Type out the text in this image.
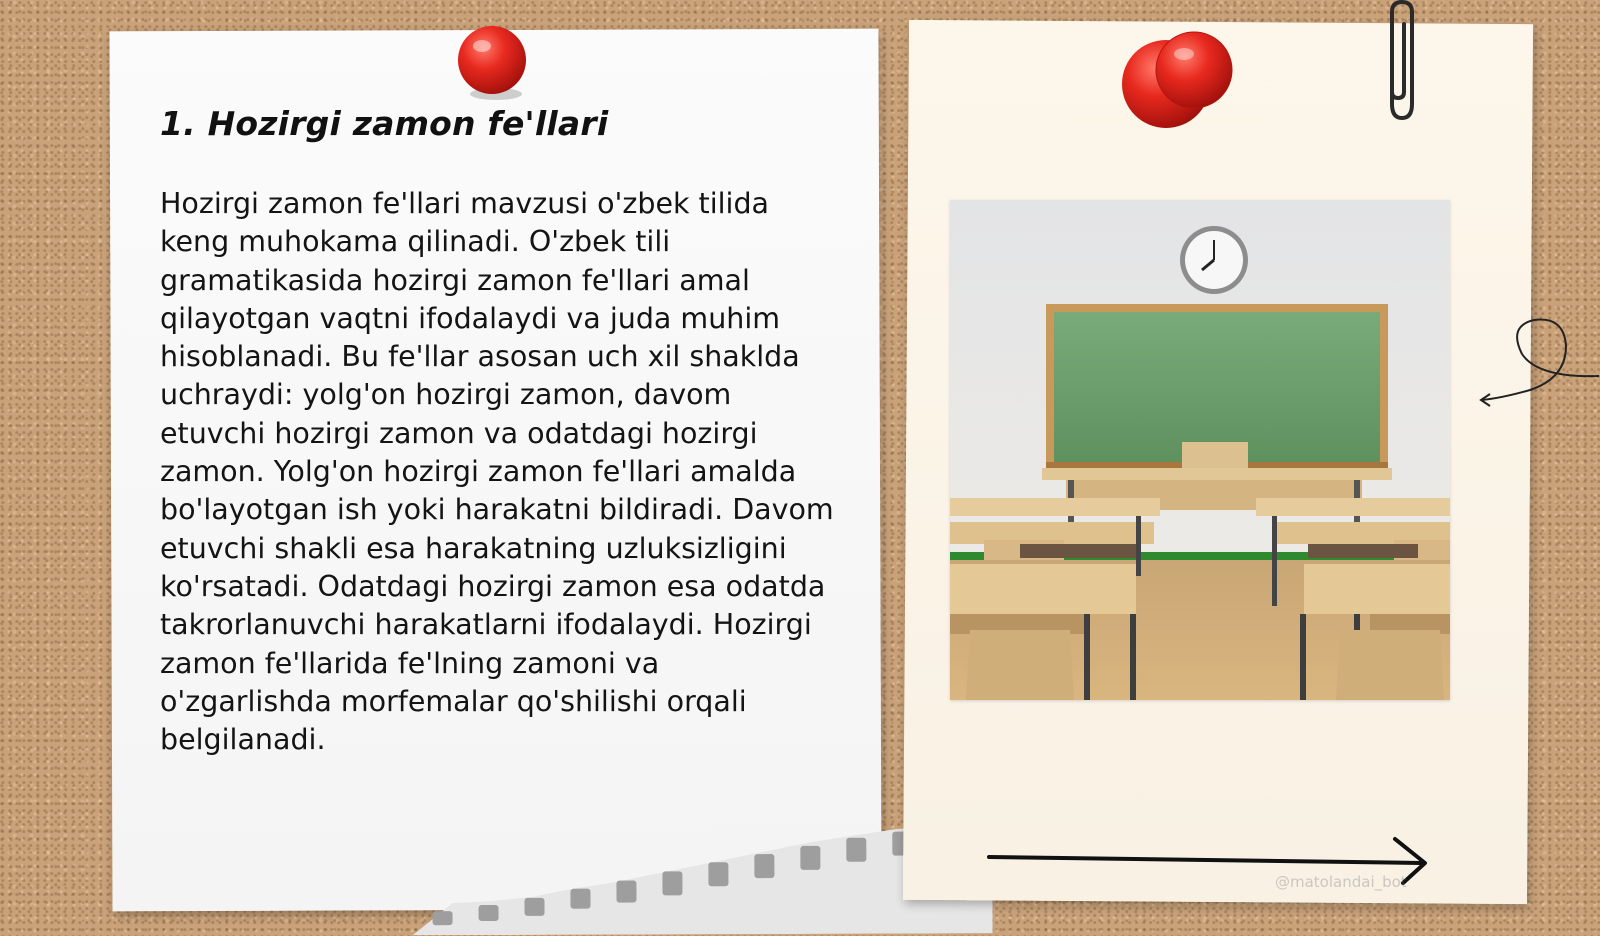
1. Hozirgi zamon fe'llari

Hozirgi zamon fe'llari mavzusi o'zbek tilida keng muhokama qilinadi. O'zbek tili gramatikasida hozirgi zamon fe'llari amal qilayotgan vaqtni ifodalaydi va juda muhim hisoblanadi. Bu fe'llar asosan uch xil shaklda uchraydi: yolg'on hozirgi zamon, davom etuvchi hozirgi zamon va odatdagi hozirgi zamon. Yolg'on hozirgi zamon fe'llari amalda bo'layotgan ish yoki harakatni bildiradi. Davom etuvchi shakli esa harakatning uzluksizligini ko'rsatadi. Odatdagi hozirgi zamon esa odatda takrorlanuvchi harakatlarni ifodalaydi. Hozirgi zamon fe'llarida fe'lning zamoni va o'zgarlishda morfemalar qo'shilishi orqali belgilanadi.

@matolandai_bot
